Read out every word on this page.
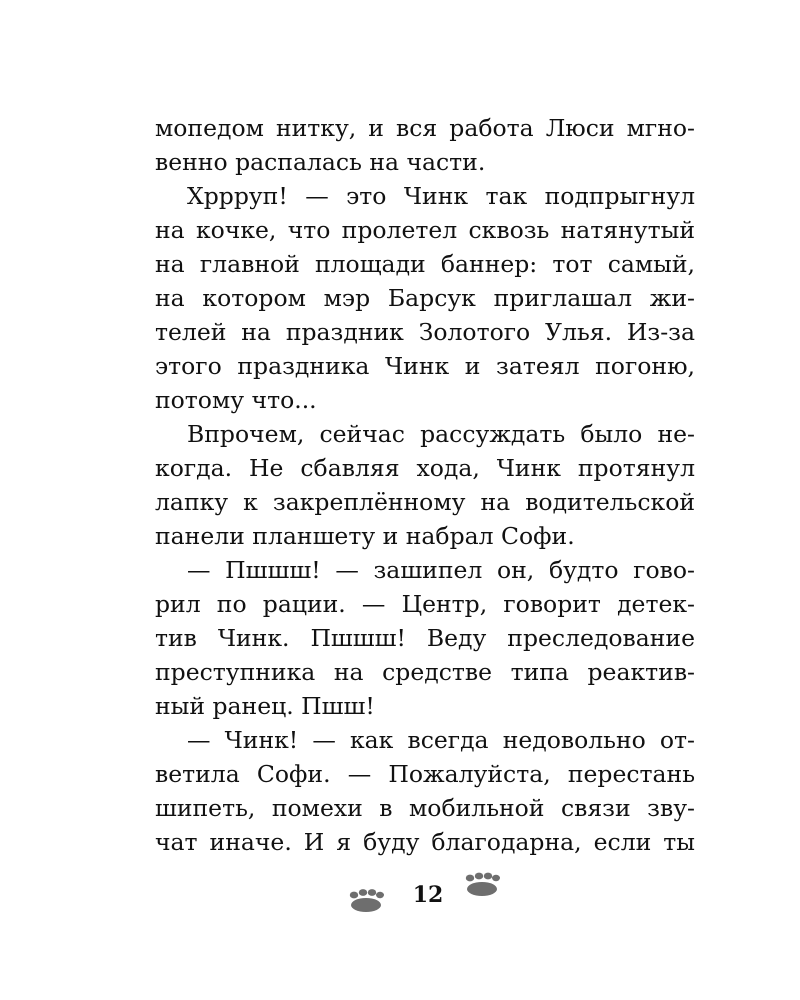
мопедом нитку, и вся работа Люси мгно-
венно распалась на части.
Хррруп! — это Чинк так подпрыгнул
на кочке, что пролетел сквозь натянутый
на главной площади баннер: тот самый,
на котором мэр Барсук приглашал жи-
телей на праздник Золотого Улья. Из-за
этого праздника Чинк и затеял погоню,
потому что...
Впрочем, сейчас рассуждать было не-
когда. Не сбавляя хода, Чинк протянул
лапку к закреплённому на водительской
панели планшету и набрал Софи.
— Пшшш! — зашипел он, будто гово-
рил по рации. — Центр, говорит детек-
тив Чинк. Пшшш! Веду преследование
преступника на средстве типа реактив-
ный ранец. Пшш!
— Чинк! — как всегда недовольно от-
ветила Софи. — Пожалуйста, перестань
шипеть, помехи в мобильной связи зву-
чат иначе. И я буду благодарна, если ты
12
